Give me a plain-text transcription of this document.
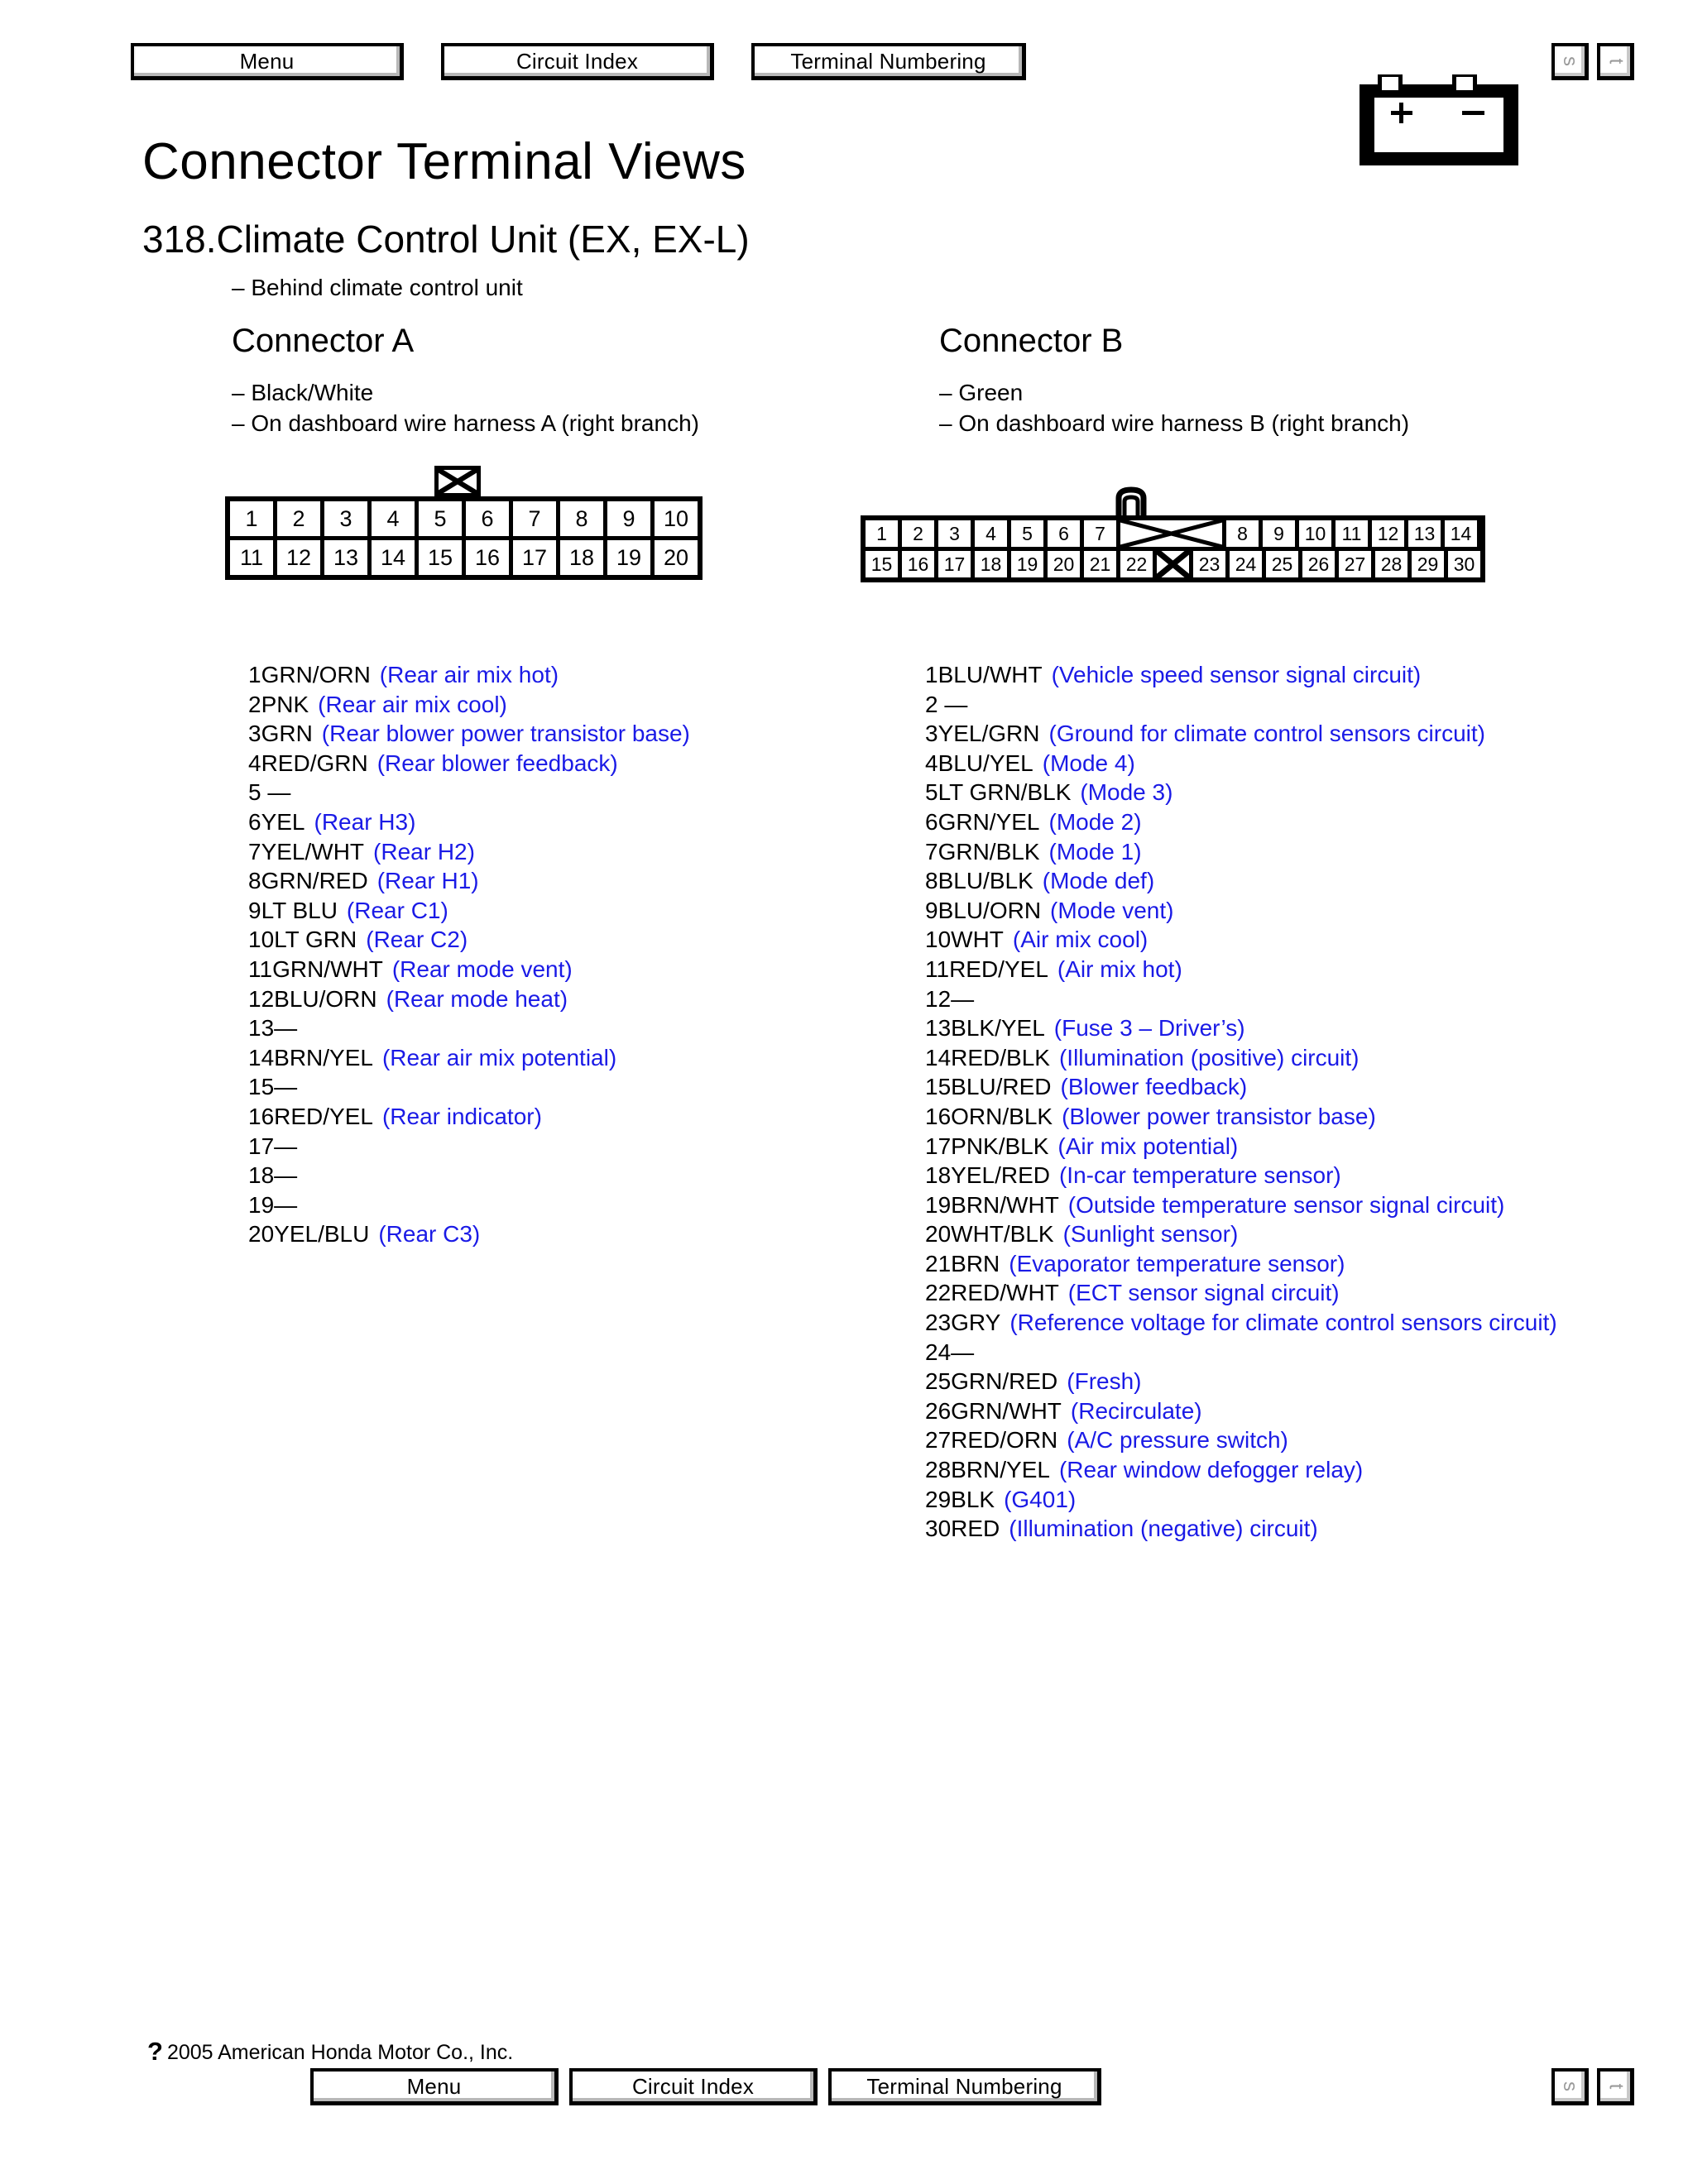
Menu	Circuit Index	Terminal Numbering	s t
Connector Terminal Views
318.Climate Control Unit (EX, EX-L)
– Behind climate control unit
Connector A
– Black/White
– On dashboard wire harness A (right branch)
Connector B
– Green
– On dashboard wire harness B (right branch)
1	2	3	4	5	6	7	8	9	10
11	12 13 14 15 16 17 18 19 20
1	2	3	4	5	6	7	8	9	10 11 12 13 14
15 16 17 18 19 20 21 22	23 24 25 26 27 28 29 30
1GRN/ORN (Rear air mix hot)
2PNK (Rear air mix cool)
3GRN (Rear blower power transistor base)
4RED/GRN (Rear blower feedback)
5 —
6YEL (Rear H3)
7YEL/WHT (Rear H2)
8GRN/RED (Rear H1)
9LT BLU (Rear C1)
10LT GRN (Rear C2)
11GRN/WHT (Rear mode vent)
12BLU/ORN (Rear mode heat)
13—
14BRN/YEL (Rear air mix potential)
15—
16RED/YEL (Rear indicator)
17—
18—
19—
20YEL/BLU (Rear C3)
1BLU/WHT (Vehicle speed sensor signal circuit)
2 —
3YEL/GRN (Ground for climate control sensors circuit)
4BLU/YEL (Mode 4)
5LT GRN/BLK (Mode 3)
6GRN/YEL (Mode 2)
7GRN/BLK (Mode 1)
8BLU/BLK (Mode def)
9BLU/ORN (Mode vent)
10WHT (Air mix cool)
11RED/YEL (Air mix hot)
12—
13BLK/YEL (Fuse 3 – Driver’s)
14RED/BLK (Illumination (positive) circuit)
15BLU/RED (Blower feedback)
16ORN/BLK (Blower power transistor base)
17PNK/BLK (Air mix potential)
18YEL/RED (In-car temperature sensor)
19BRN/WHT (Outside temperature sensor signal circuit)
20WHT/BLK (Sunlight sensor)
21BRN (Evaporator temperature sensor)
22RED/WHT (ECT sensor signal circuit)
23GRY (Reference voltage for climate control sensors circuit)
24—
25GRN/RED (Fresh)
26GRN/WHT (Recirculate)
27RED/ORN (A/C pressure switch)
28BRN/YEL (Rear window defogger relay)
29BLK (G401)
30RED (Illumination (negative) circuit)
? 2005 American Honda Motor Co., Inc.
Menu	Circuit Index	Terminal Numbering	s t
